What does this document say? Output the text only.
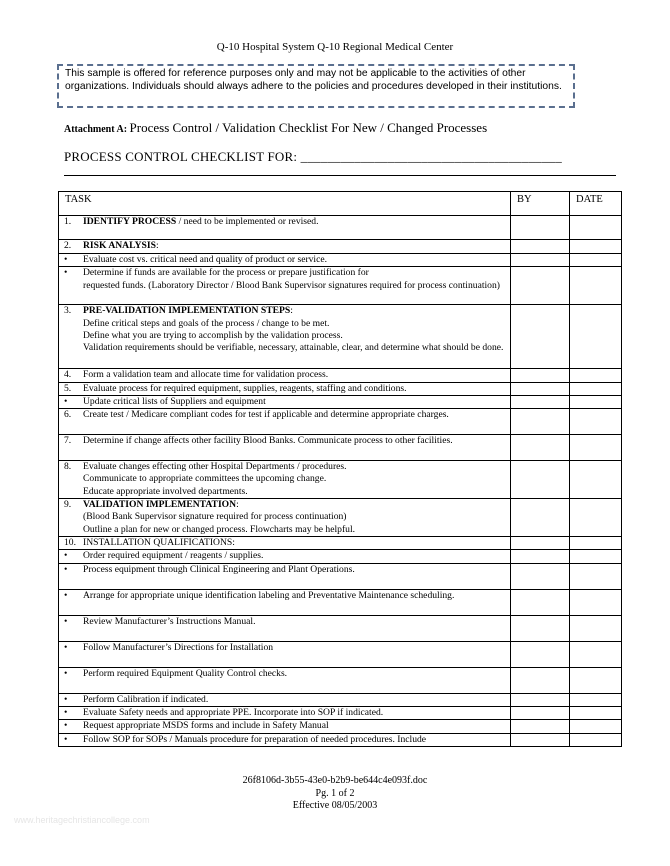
Q-10 Hospital System Q-10 Regional Medical Center
This sample is offered for reference purposes only and may not be applicable to the activities of other organizations. Individuals should always adhere to the policies and procedures developed in their institutions.
Attachment A: Process Control / Validation Checklist For New / Changed Processes
PROCESS CONTROL CHECKLIST FOR: _______________________________________
TASK	BY	DATE

1. IDENTIFY PROCESS / need to be implemented or revised.		

2. RISK ANALYSIS:		

• Evaluate cost vs. critical need and quality of product or service.		

• Determine if funds are available for the process or prepare justification for
requested funds. (Laboratory Director / Blood Bank Supervisor signatures required for process continuation)		

3. PRE-VALIDATION IMPLEMENTATION STEPS:
Define critical steps and goals of the process / change to be met.
Define what you are trying to accomplish by the validation process.
Validation requirements should be verifiable, necessary, attainable, clear, and determine what should be done.		

4. Form a validation team and allocate time for validation process.		

5. Evaluate process for required equipment, supplies, reagents, staffing and conditions.		

• Update critical lists of Suppliers and equipment		

6. Create test / Medicare compliant codes for test if applicable and determine appropriate charges.		

7. Determine if change affects other facility Blood Banks. Communicate process to other facilities.		

8. Evaluate changes effecting other Hospital Departments / procedures.
Communicate to appropriate committees the upcoming change.
Educate appropriate involved departments.		

9. VALIDATION IMPLEMENTATION:
(Blood Bank Supervisor signature required for process continuation)
Outline a plan for new or changed process. Flowcharts may be helpful.		

10. INSTALLATION QUALIFICATIONS:		

• Order required equipment / reagents / supplies.		

• Process equipment through Clinical Engineering and Plant Operations.		

• Arrange for appropriate unique identification labeling and Preventative Maintenance scheduling.		

• Review Manufacturer’s Instructions Manual.		

• Follow Manufacturer’s Directions for Installation		

• Perform required Equipment Quality Control checks.		

• Perform Calibration if indicated.		

• Evaluate Safety needs and appropriate PPE. Incorporate into SOP if indicated.		

• Request appropriate MSDS forms and include in Safety Manual		

• Follow SOP for SOPs / Manuals procedure for preparation of needed procedures. Include		

26f8106d-3b55-43e0-b2b9-be644c4e093f.doc
Pg. 1 of 2
Effective 08/05/2003
www.heritagechristiancollege.com
